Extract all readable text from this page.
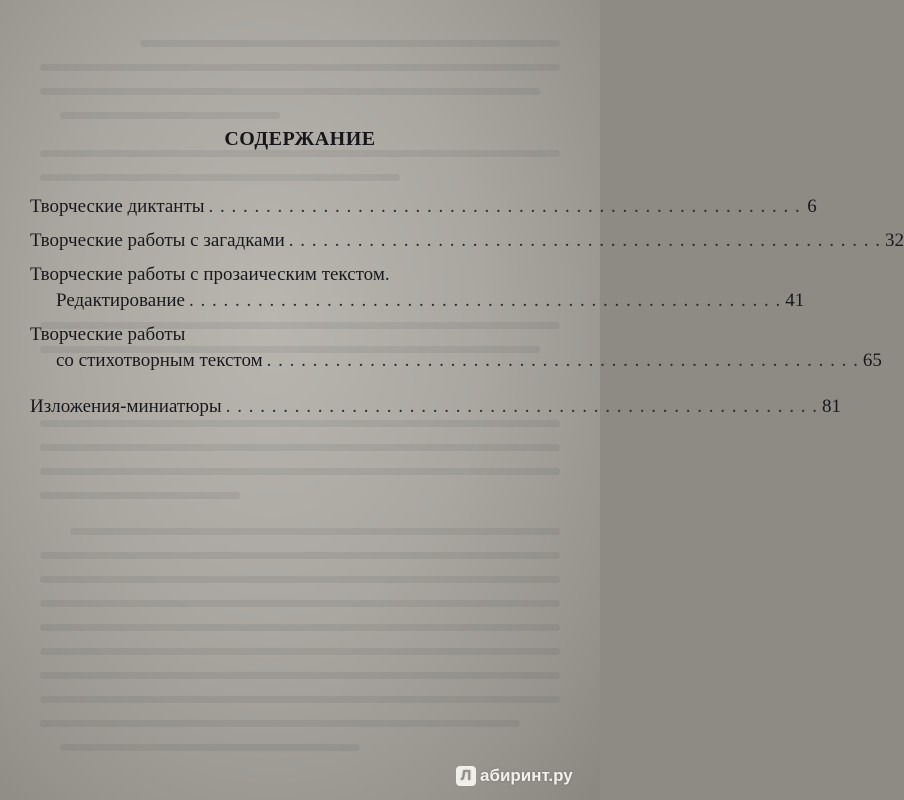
СОДЕРЖАНИЕ
Творческие диктанты . . . . . . . . . . . . . . . . . . . . . . . . . . . . . . . . . . . . . . . . . . . . . . . . . . . . 6
Творческие работы с загадками . . . . . . . . . . . . . . . . . . . . . . . . . . . . . . . . . . . . . . . . . . . . . . . . . . . . 32
Творческие работы с прозаическим текстом.
Редактирование . . . . . . . . . . . . . . . . . . . . . . . . . . . . . . . . . . . . . . . . . . . . . . . . . . . . 41
Творческие работы
со стихотворным текстом . . . . . . . . . . . . . . . . . . . . . . . . . . . . . . . . . . . . . . . . . . . . . . . . . . . . 65
Изложения-миниатюры . . . . . . . . . . . . . . . . . . . . . . . . . . . . . . . . . . . . . . . . . . . . . . . . . . . . 81
Л абиринт.ру
